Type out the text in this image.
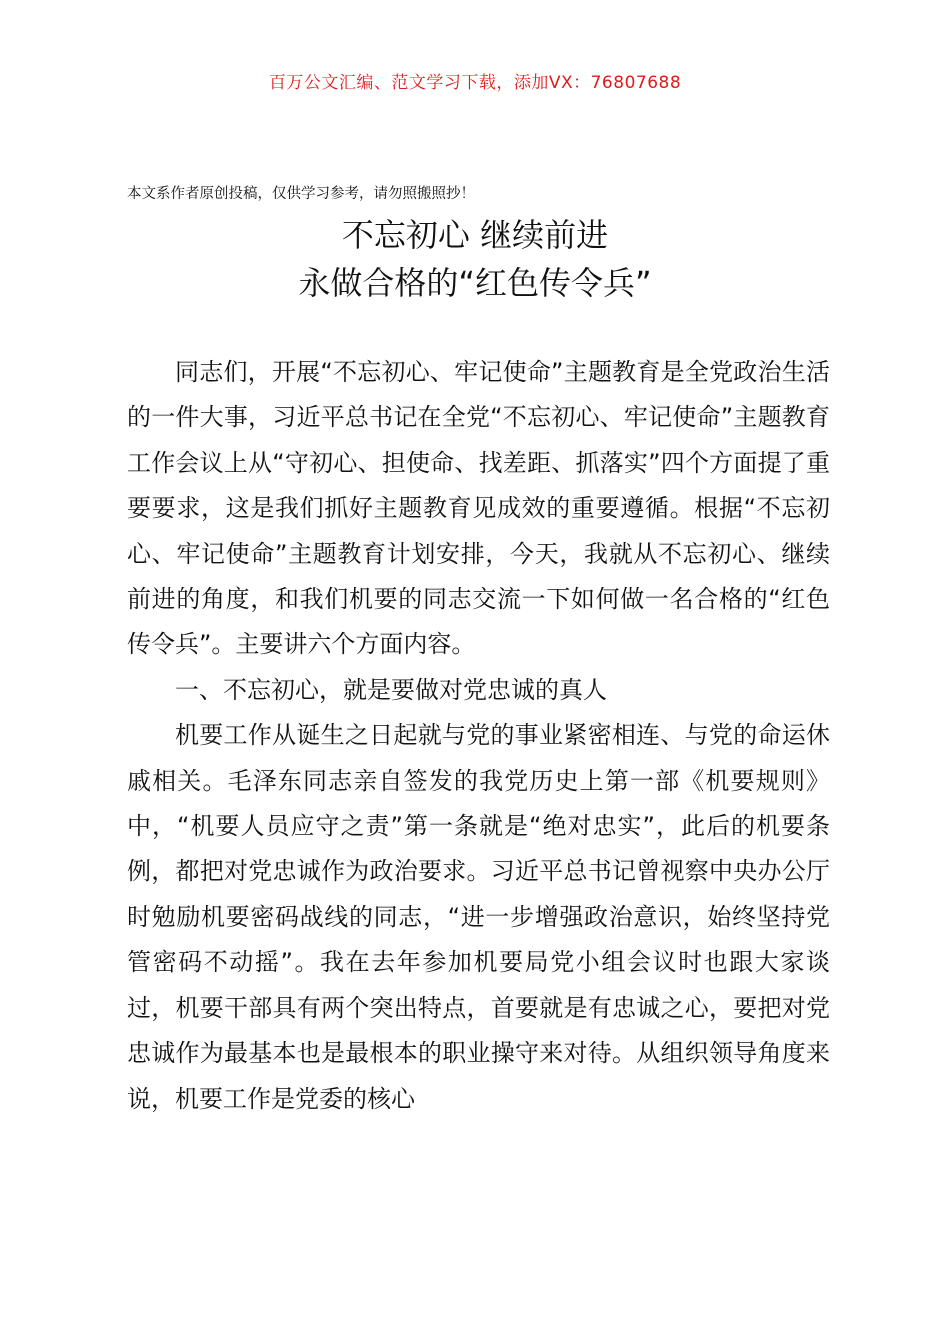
百万公文汇编、范文学习下载，添加VX：76807688
本文系作者原创投稿，仅供学习参考，请勿照搬照抄！
不忘初心 继续前进
永做合格的“红色传令兵”

同志们，开展“不忘初心、牢记使命”主题教育是全党政治生活的一件大事，习近平总书记在全党“不忘初心、牢记使命”主题教育工作会议上从“守初心、担使命、找差距、抓落实”四个方面提了重要要求，这是我们抓好主题教育见成效的重要遵循。根据“不忘初心、牢记使命”主题教育计划安排，今天，我就从不忘初心、继续前进的角度，和我们机要的同志交流一下如何做一名合格的“红色传令兵”。主要讲六个方面内容。

一、不忘初心，就是要做对党忠诚的真人

机要工作从诞生之日起就与党的事业紧密相连、与党的命运休戚相关。毛泽东同志亲自签发的我党历史上第一部《机要规则》中，“机要人员应守之责”第一条就是“绝对忠实”，此后的机要条例，都把对党忠诚作为政治要求。习近平总书记曾视察中央办公厅时勉励机要密码战线的同志，“进一步增强政治意识，始终坚持党管密码不动摇”。我在去年参加机要局党小组会议时也跟大家谈过，机要干部具有两个突出特点，首要就是有忠诚之心，要把对党忠诚作为最基本也是最根本的职业操守来对待。从组织领导角度来说，机要工作是党委的核心
